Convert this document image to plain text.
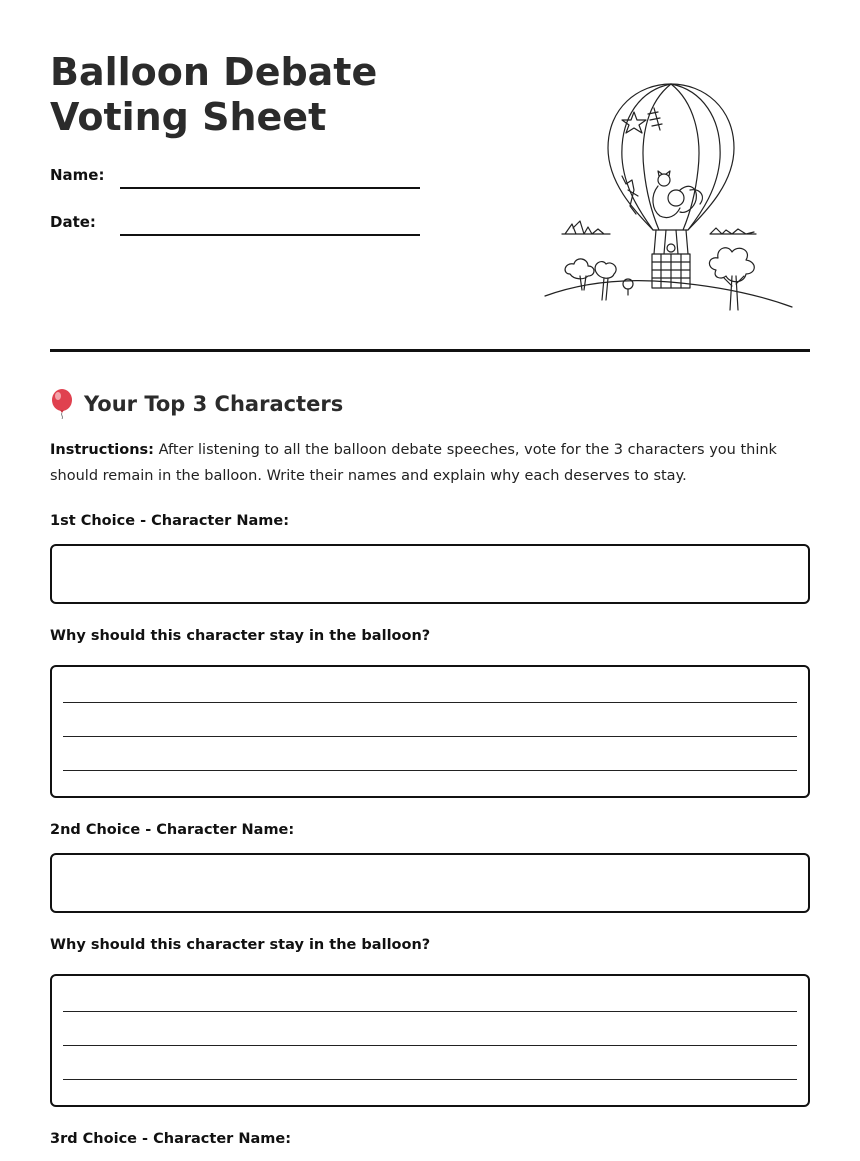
Balloon Debate Voting Sheet
Name:
Date:
Your Top 3 Characters

Instructions: After listening to all the balloon debate speeches, vote for the 3 characters you think should remain in the balloon. Write their names and explain why each deserves to stay.

1st Choice - Character Name:
Why should this character stay in the balloon?
2nd Choice - Character Name:
Why should this character stay in the balloon?
3rd Choice - Character Name:
